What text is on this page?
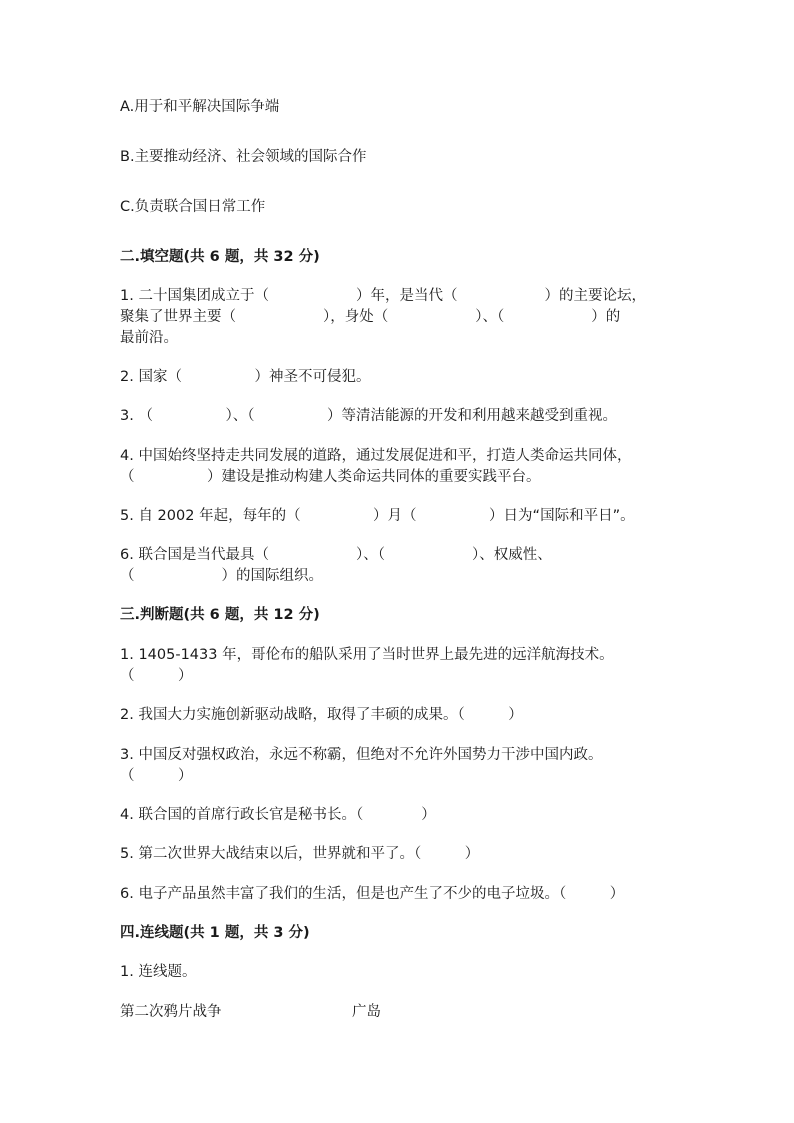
A.用于和平解决国际争端
B.主要推动经济、社会领域的国际合作
C.负责联合国日常工作
二.填空题(共 6 题，共 32 分)
1. 二十国集团成立于（　　　　　　）年，是当代（　　　　　　）的主要论坛，
聚集了世界主要（　　　　　　），身处（　　　　　　）、（　　　　　　）的
最前沿。
2. 国家（　　　　　）神圣不可侵犯。
3. （　　　　　）、（　　　　　）等清洁能源的开发和利用越来越受到重视。
4. 中国始终坚持走共同发展的道路，通过发展促进和平，打造人类命运共同体，
（　　　　　）建设是推动构建人类命运共同体的重要实践平台。
5. 自 2002 年起，每年的（　　　　　）月（　　　　　）日为“国际和平日”。
6. 联合国是当代最具（　　　　　　）、（　　　　　　）、权威性、
（　　　　　　）的国际组织。
三.判断题(共 6 题，共 12 分)
1. 1405-1433 年，哥伦布的船队采用了当时世界上最先进的远洋航海技术。
（　　　）
2. 我国大力实施创新驱动战略，取得了丰硕的成果。（　　　）
3. 中国反对强权政治，永远不称霸，但绝对不允许外国势力干涉中国内政。
（　　　）
4. 联合国的首席行政长官是秘书长。（　　　　）
5. 第二次世界大战结束以后，世界就和平了。（　　　）
6. 电子产品虽然丰富了我们的生活，但是也产生了不少的电子垃圾。（　　　）
四.连线题(共 1 题，共 3 分)
1. 连线题。
第二次鸦片战争	广岛
